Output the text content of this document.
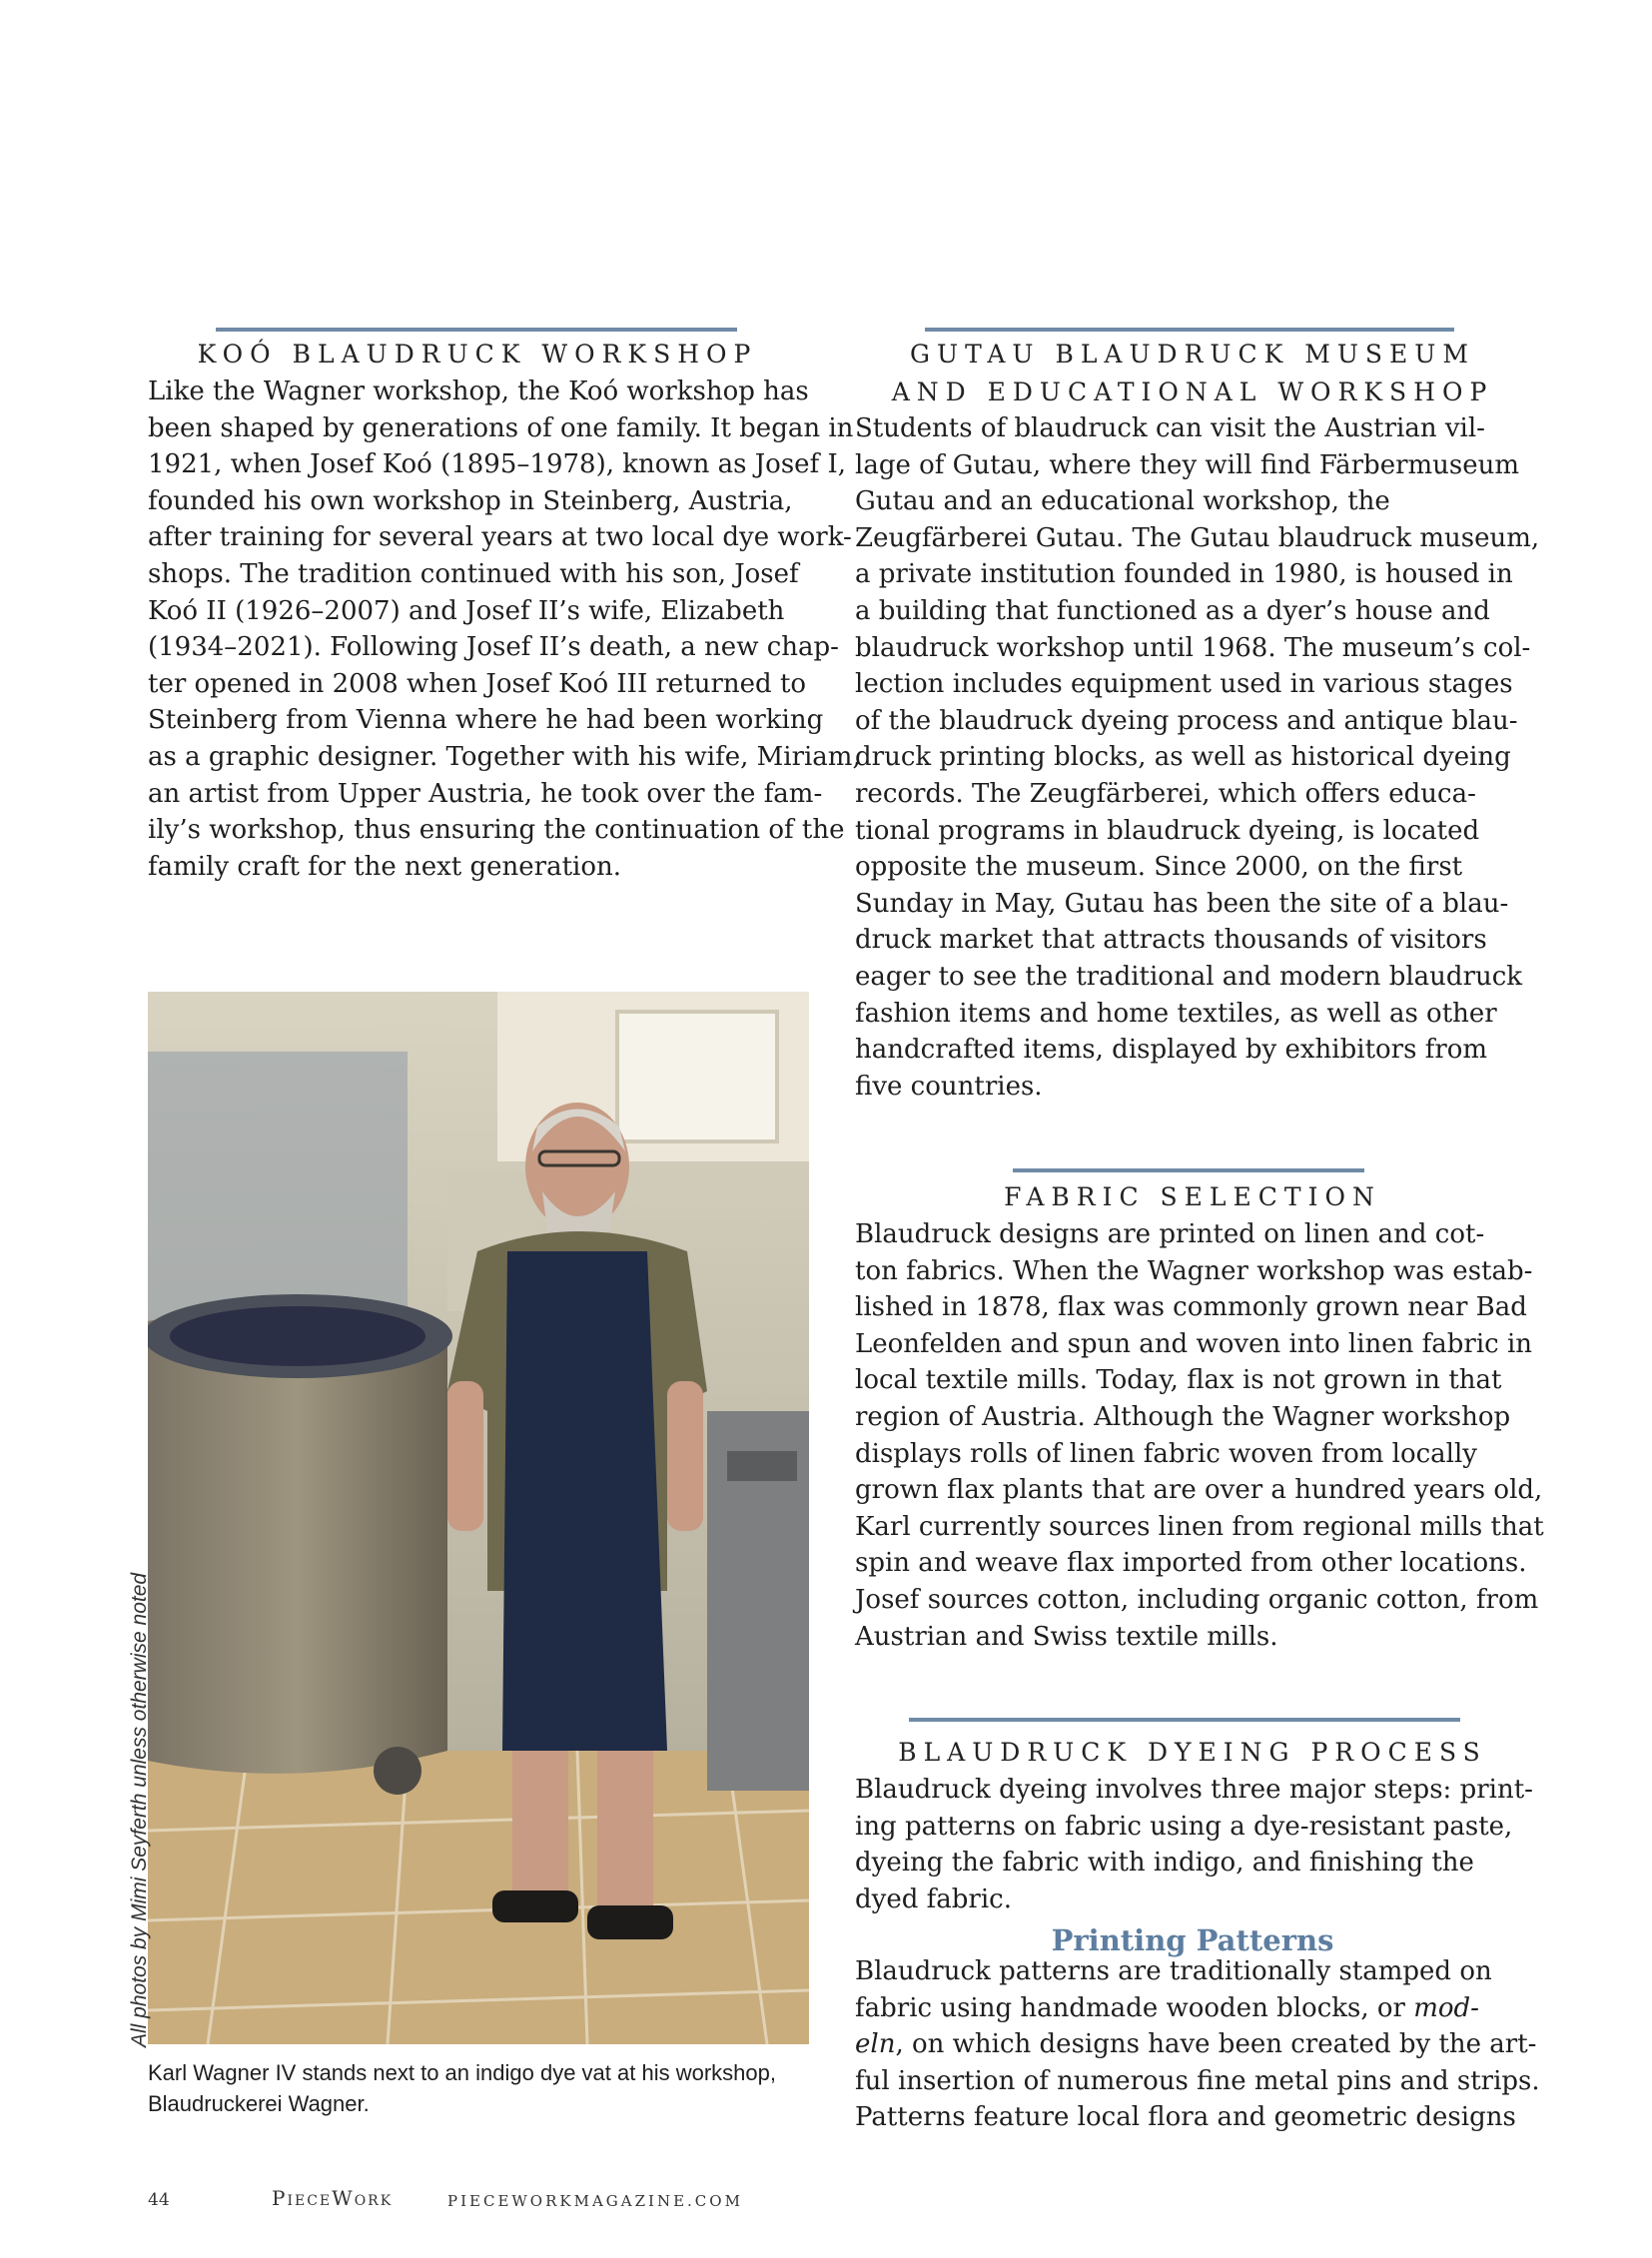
KOÓ BLAUDRUCK WORKSHOP
Like the Wagner workshop, the Koó workshop has
been shaped by generations of one family. It began in
1921, when Josef Koó (1895–1978), known as Josef I,
founded his own workshop in Steinberg, Austria,
after training for several years at two local dye work-
shops. The tradition continued with his son, Josef
Koó II (1926–2007) and Josef II’s wife, Elizabeth
(1934–2021). Following Josef II’s death, a new chap-
ter opened in 2008 when Josef Koó III returned to
Steinberg from Vienna where he had been working
as a graphic designer. Together with his wife, Miriam,
an artist from Upper Austria, he took over the fam-
ily’s workshop, thus ensuring the continuation of the
family craft for the next generation.
All photos by Mimi Seyferth unless otherwise noted
Karl Wagner IV stands next to an indigo dye vat at his workshop,
Blaudruckerei Wagner.
GUTAU BLAUDRUCK MUSEUM
AND EDUCATIONAL WORKSHOP
Students of blaudruck can visit the Austrian vil-
lage of Gutau, where they will find Färbermuseum
Gutau and an educational workshop, the
Zeugfärberei Gutau. The Gutau blaudruck museum,
a private institution founded in 1980, is housed in
a building that functioned as a dyer’s house and
blaudruck workshop until 1968. The museum’s col-
lection includes equipment used in various stages
of the blaudruck dyeing process and antique blau-
druck printing blocks, as well as historical dyeing
records. The Zeugfärberei, which offers educa-
tional programs in blaudruck dyeing, is located
opposite the museum. Since 2000, on the first
Sunday in May, Gutau has been the site of a blau-
druck market that attracts thousands of visitors
eager to see the traditional and modern blaudruck
fashion items and home textiles, as well as other
handcrafted items, displayed by exhibitors from
five countries.
FABRIC SELECTION
Blaudruck designs are printed on linen and cot-
ton fabrics. When the Wagner workshop was estab-
lished in 1878, flax was commonly grown near Bad
Leonfelden and spun and woven into linen fabric in
local textile mills. Today, flax is not grown in that
region of Austria. Although the Wagner workshop
displays rolls of linen fabric woven from locally
grown flax plants that are over a hundred years old,
Karl currently sources linen from regional mills that
spin and weave flax imported from other locations.
Josef sources cotton, including organic cotton, from
Austrian and Swiss textile mills.
BLAUDRUCK DYEING PROCESS
Blaudruck dyeing involves three major steps: print-
ing patterns on fabric using a dye-resistant paste,
dyeing the fabric with indigo, and finishing the
dyed fabric.
Printing Patterns
Blaudruck patterns are traditionally stamped on
fabric using handmade wooden blocks, or mod-
eln, on which designs have been created by the art-
ful insertion of numerous fine metal pins and strips.
Patterns feature local flora and geometric designs
44	PieceWork	PIECEWORKMAGAZINE.COM
